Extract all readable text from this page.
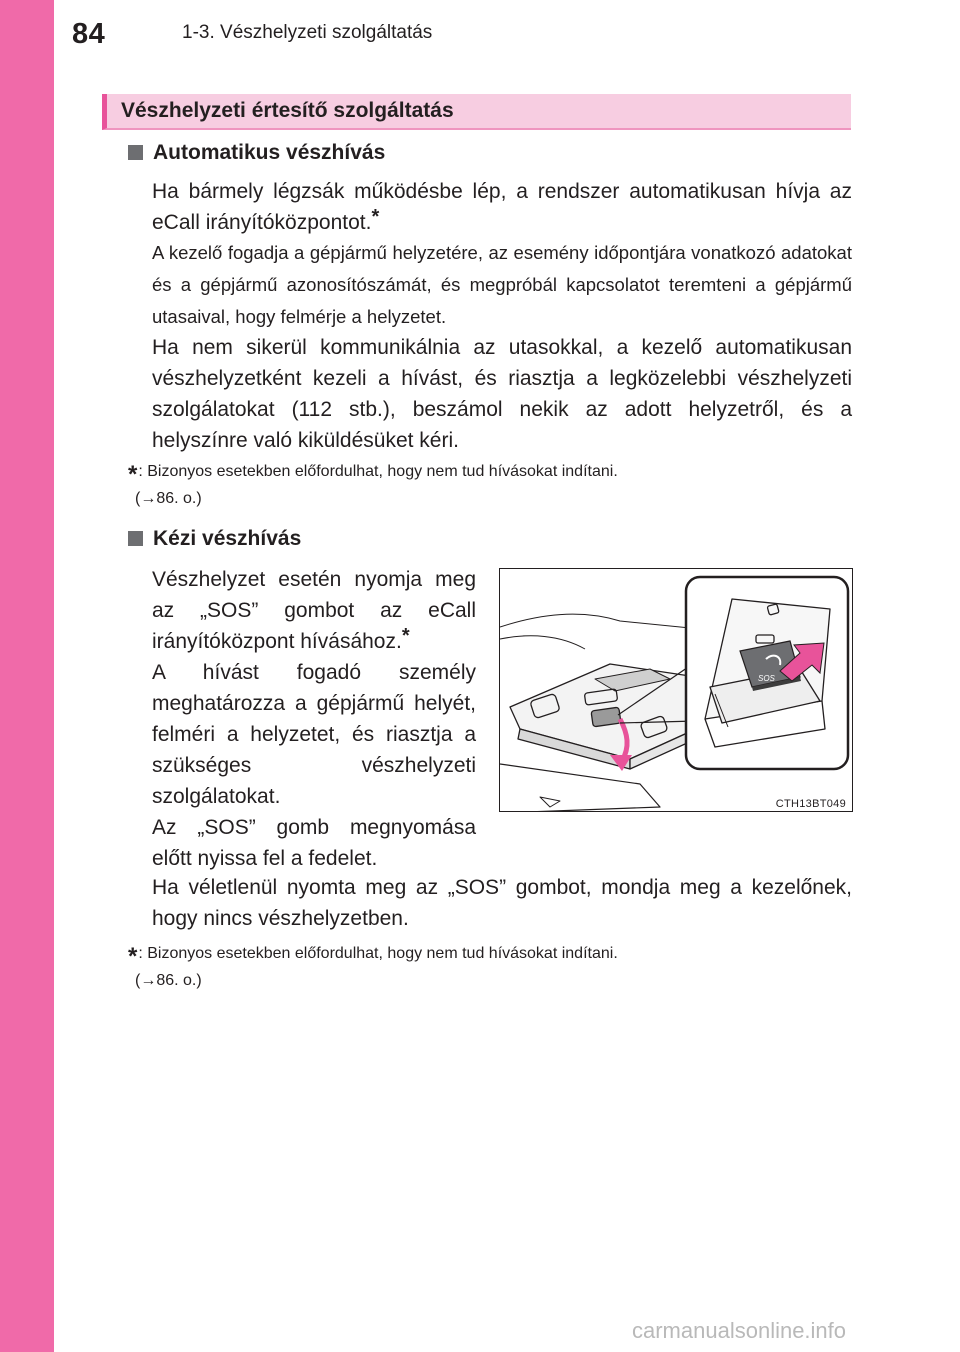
84	1-3. Vészhelyzeti szolgáltatás
Vészhelyzeti értesítő szolgáltatás
Automatikus vészhívás
Ha bármely légzsák működésbe lép, a rendszer automatikusan hívja az eCall irányítóközpontot.*
A kezelő fogadja a gépjármű helyzetére, az esemény időpontjára vonatkozó adatokat és a gépjármű azonosítószámát, és megpróbál kapcsolatot teremteni a gépjármű utasaival, hogy felmérje a helyzetet.
Ha nem sikerül kommunikálnia az utasokkal, a kezelő automatikusan vészhelyzetként kezeli a hívást, és riasztja a legközelebbi vészhelyzeti szolgálatokat (112 stb.), beszámol nekik az adott helyzetről, és a helyszínre való kiküldésüket kéri.
*: Bizonyos esetekben előfordulhat, hogy nem tud hívásokat indítani.
(→86. o.)
Kézi vészhívás
Vészhelyzet esetén nyomja meg az „SOS” gombot az eCall irányítóközpont hívásához.*
A hívást fogadó személy meghatározza a gépjármű helyét, felméri a helyzetet, és riasztja a szükséges vészhelyzeti szolgálatokat.
Az „SOS” gomb megnyomása előtt nyissa fel a fedelet.
Ha véletlenül nyomta meg az „SOS” gombot, mondja meg a kezelőnek, hogy nincs vészhelyzetben.
*: Bizonyos esetekben előfordulhat, hogy nem tud hívásokat indítani.
(→86. o.)
SOS
CTH13BT049
carmanualsonline.info
